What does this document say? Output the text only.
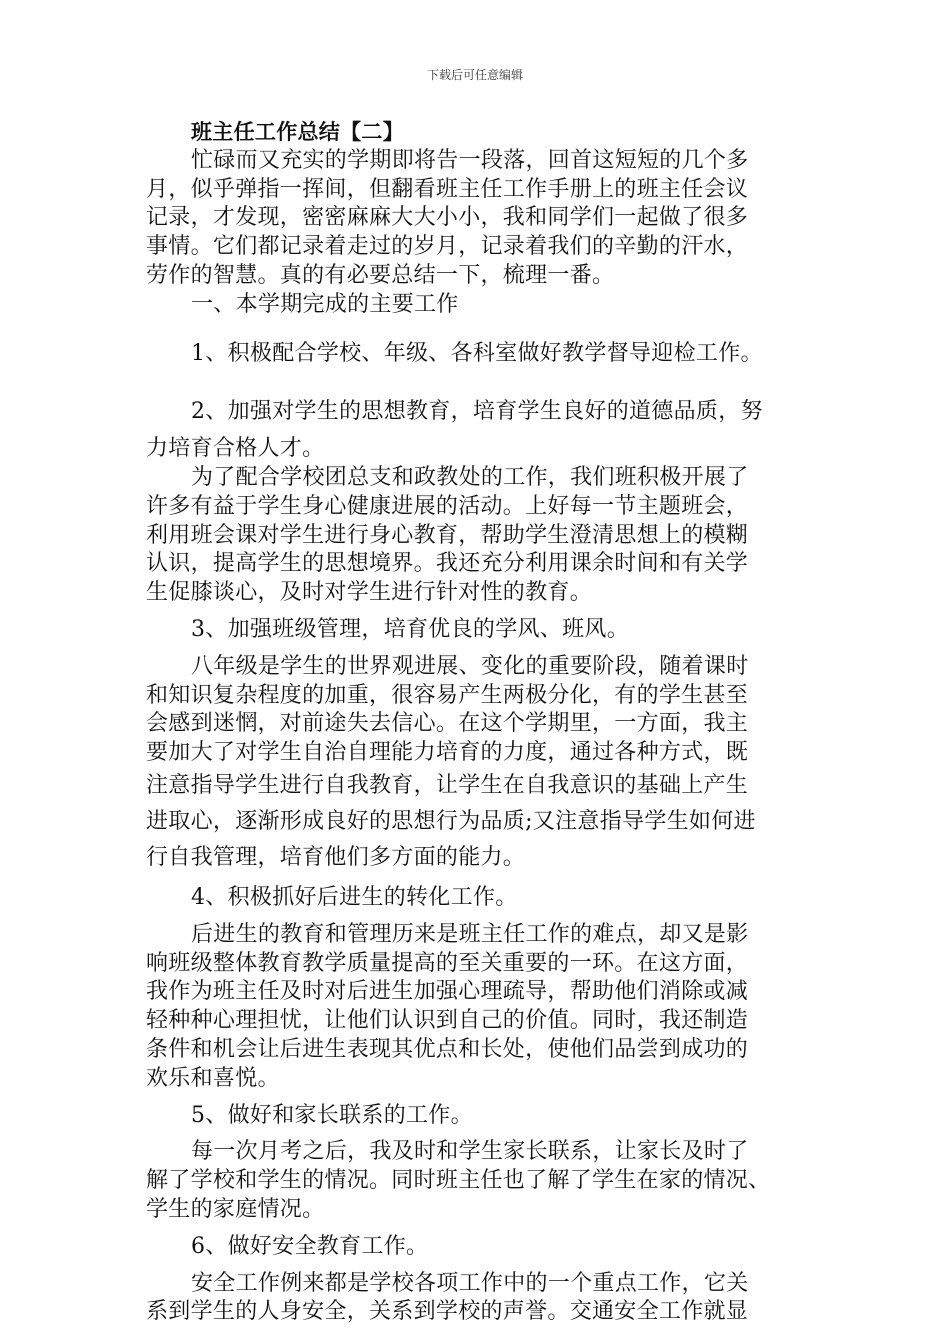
下载后可任意编辑
班主任工作总结【二】
忙碌而又充实的学期即将告一段落，回首这短短的几个多
月，似乎弹指一挥间，但翻看班主任工作手册上的班主任会议
记录，才发现，密密麻麻大大小小，我和同学们一起做了很多
事情。它们都记录着走过的岁月，记录着我们的辛勤的汗水，
劳作的智慧。真的有必要总结一下，梳理一番。
一、本学期完成的主要工作
1、积极配合学校、年级、各科室做好教学督导迎检工作。
2、加强对学生的思想教育，培育学生良好的道德品质，努
力培育合格人才。
为了配合学校团总支和政教处的工作，我们班积极开展了
许多有益于学生身心健康进展的活动。上好每一节主题班会，
利用班会课对学生进行身心教育，帮助学生澄清思想上的模糊
认识，提高学生的思想境界。我还充分利用课余时间和有关学
生促膝谈心，及时对学生进行针对性的教育。
3、加强班级管理，培育优良的学风、班风。
八年级是学生的世界观进展、变化的重要阶段，随着课时
和知识复杂程度的加重，很容易产生两极分化，有的学生甚至
会感到迷惘，对前途失去信心。在这个学期里，一方面，我主
要加大了对学生自治自理能力培育的力度，通过各种方式，既
注意指导学生进行自我教育，让学生在自我意识的基础上产生
进取心，逐渐形成良好的思想行为品质;又注意指导学生如何进
行自我管理，培育他们多方面的能力。
4、积极抓好后进生的转化工作。
后进生的教育和管理历来是班主任工作的难点，却又是影
响班级整体教育教学质量提高的至关重要的一环。在这方面，
我作为班主任及时对后进生加强心理疏导，帮助他们消除或减
轻种种心理担忧，让他们认识到自己的价值。同时，我还制造
条件和机会让后进生表现其优点和长处，使他们品尝到成功的
欢乐和喜悦。
5、做好和家长联系的工作。
每一次月考之后，我及时和学生家长联系，让家长及时了
解了学校和学生的情况。同时班主任也了解了学生在家的情况、
学生的家庭情况。
6、做好安全教育工作。
安全工作例来都是学校各项工作中的一个重点工作，它关
系到学生的人身安全，关系到学校的声誉。交通安全工作就显
